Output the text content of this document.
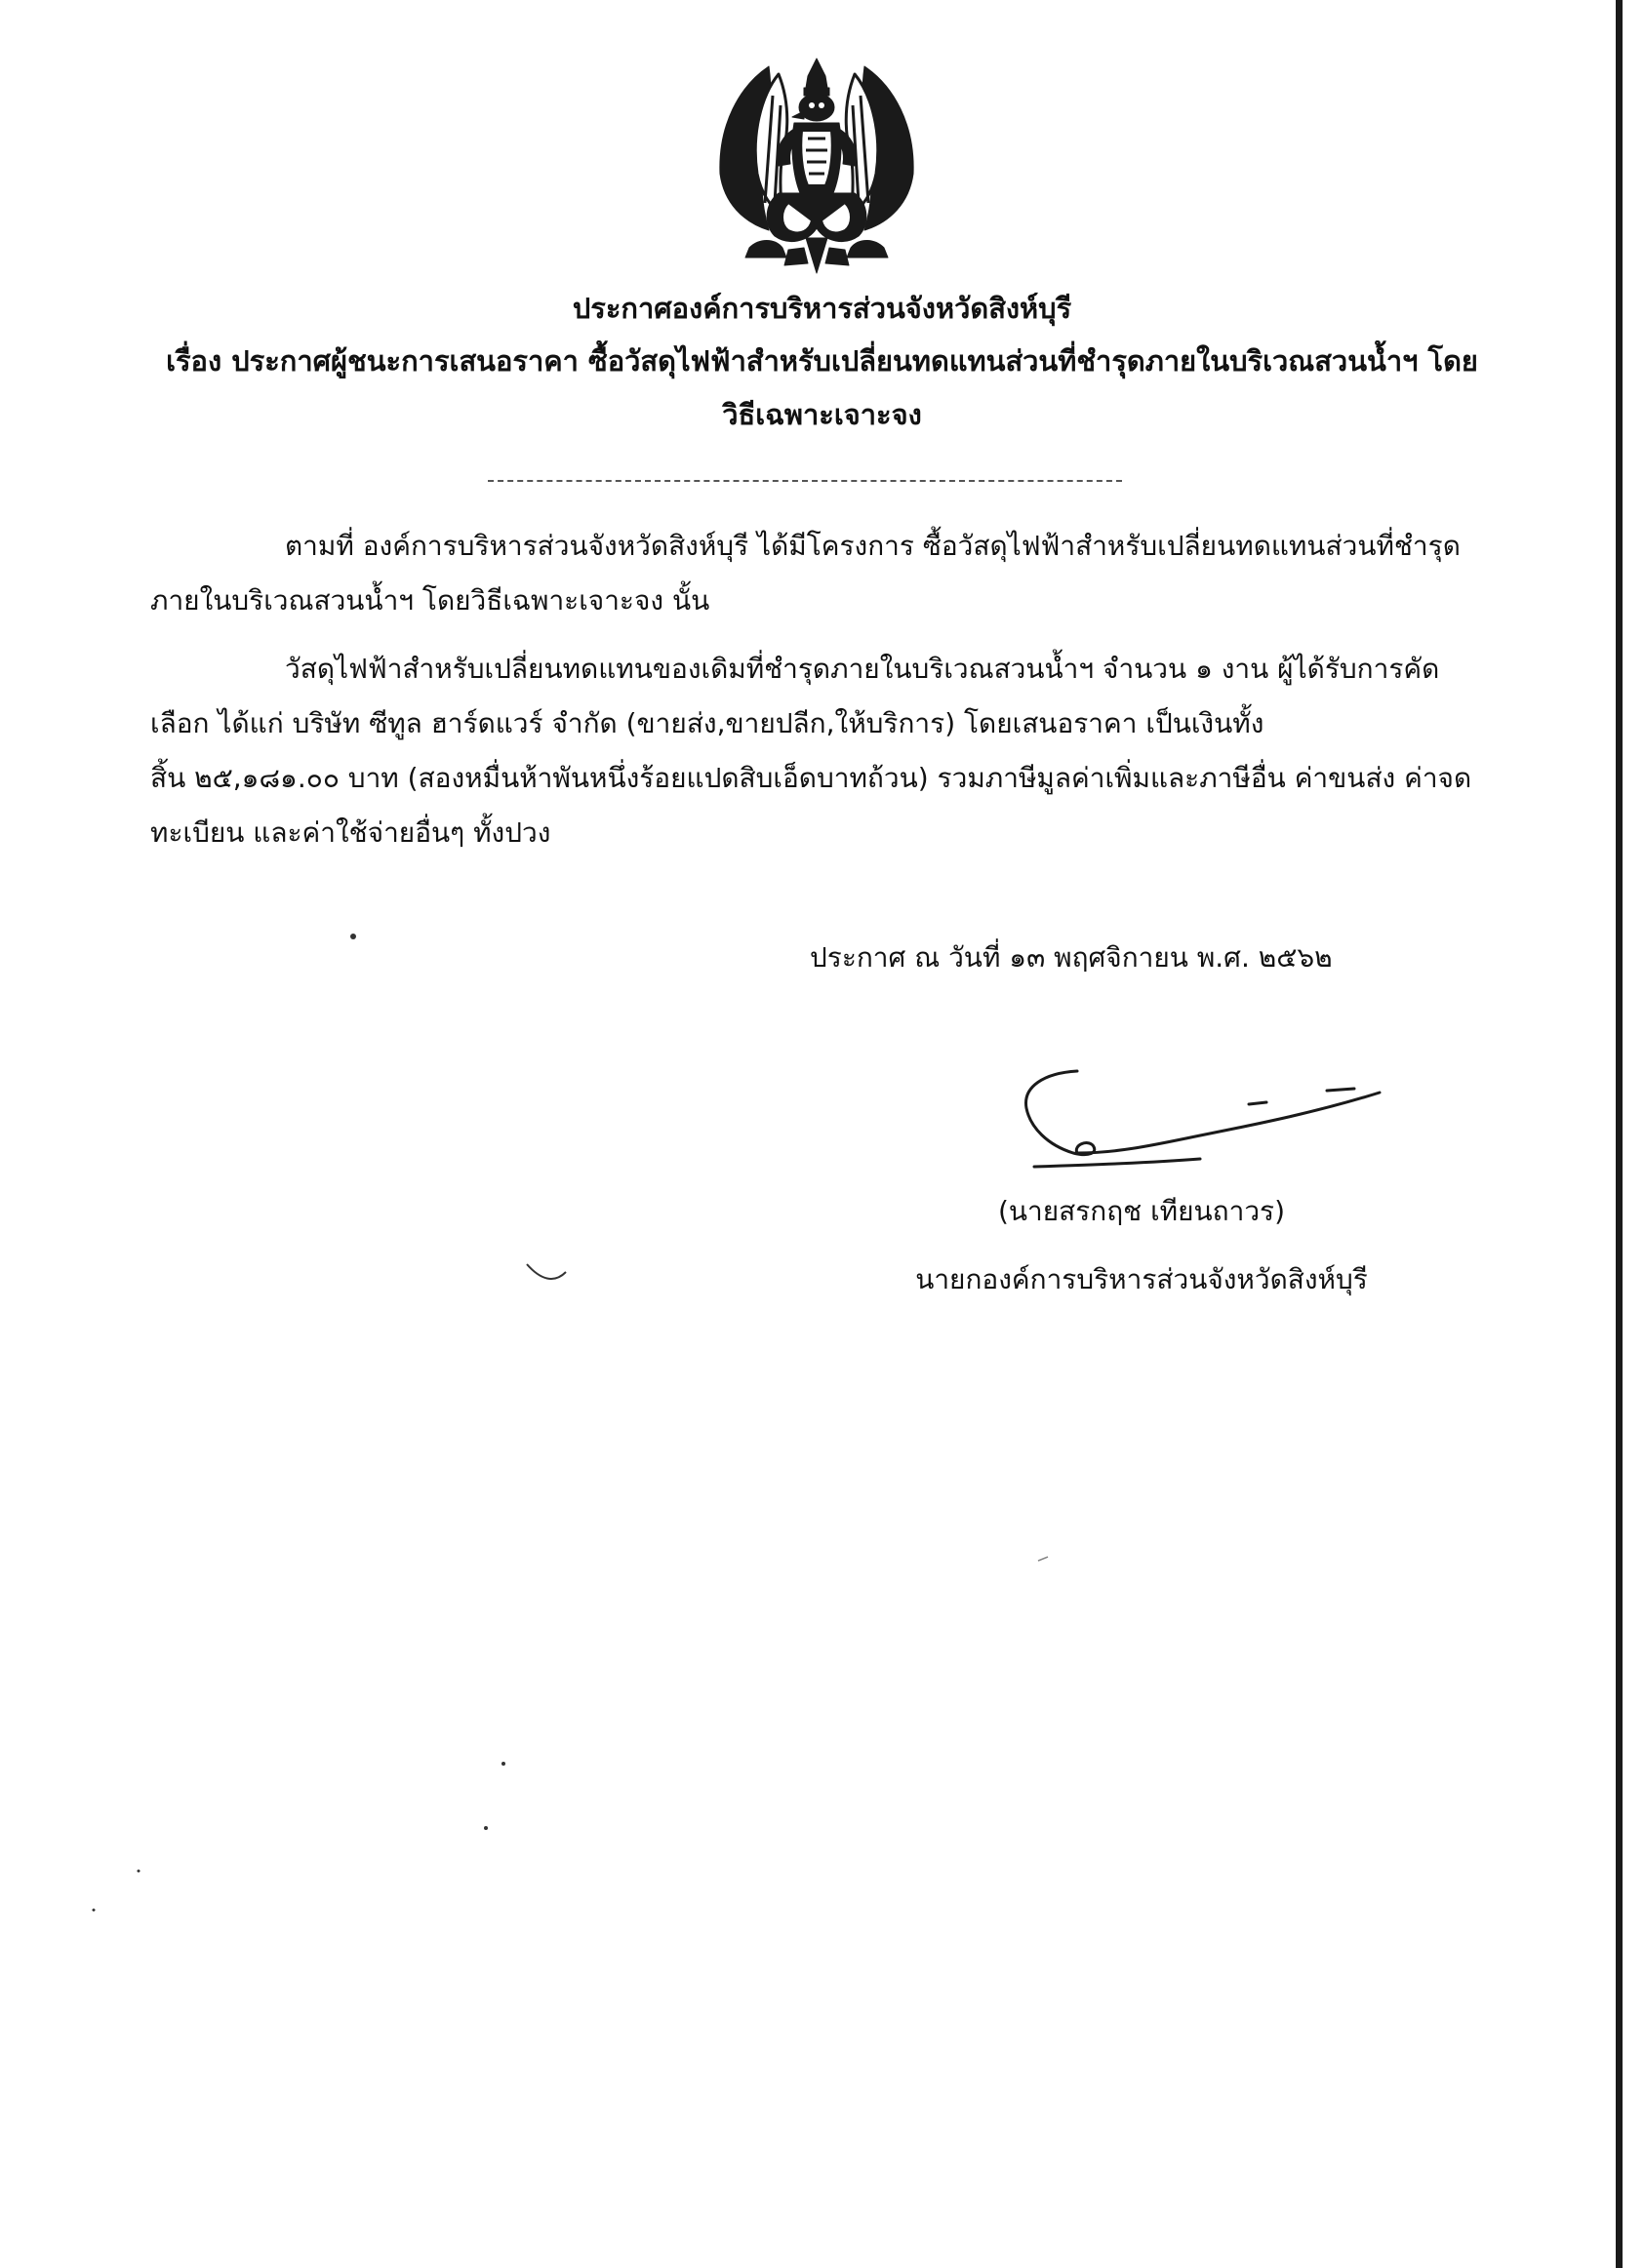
ประกาศองค์การบริหารส่วนจังหวัดสิงห์บุรี
เรื่อง ประกาศผู้ชนะการเสนอราคา ซื้อวัสดุไฟฟ้าสำหรับเปลี่ยนทดแทนส่วนที่ชำรุดภายในบริเวณสวนน้ำฯ โดย
วิธีเฉพาะเจาะจง
ตามที่ องค์การบริหารส่วนจังหวัดสิงห์บุรี ได้มีโครงการ ซื้อวัสดุไฟฟ้าสำหรับเปลี่ยนทดแทนส่วนที่ชำรุด
ภายในบริเวณสวนน้ำฯ โดยวิธีเฉพาะเจาะจง นั้น
วัสดุไฟฟ้าสำหรับเปลี่ยนทดแทนของเดิมที่ชำรุดภายในบริเวณสวนน้ำฯ จำนวน ๑ งาน ผู้ได้รับการคัด
เลือก ได้แก่ บริษัท ซีทูล ฮาร์ดแวร์ จำกัด (ขายส่ง,ขายปลีก,ให้บริการ) โดยเสนอราคา เป็นเงินทั้ง
สิ้น ๒๕,๑๘๑.๐๐ บาท (สองหมื่นห้าพันหนึ่งร้อยแปดสิบเอ็ดบาทถ้วน) รวมภาษีมูลค่าเพิ่มและภาษีอื่น ค่าขนส่ง ค่าจด
ทะเบียน และค่าใช้จ่ายอื่นๆ ทั้งปวง
ประกาศ ณ วันที่ ๑๓ พฤศจิกายน พ.ศ. ๒๕๖๒
(นายสรกฤช เทียนถาวร)
นายกองค์การบริหารส่วนจังหวัดสิงห์บุรี
